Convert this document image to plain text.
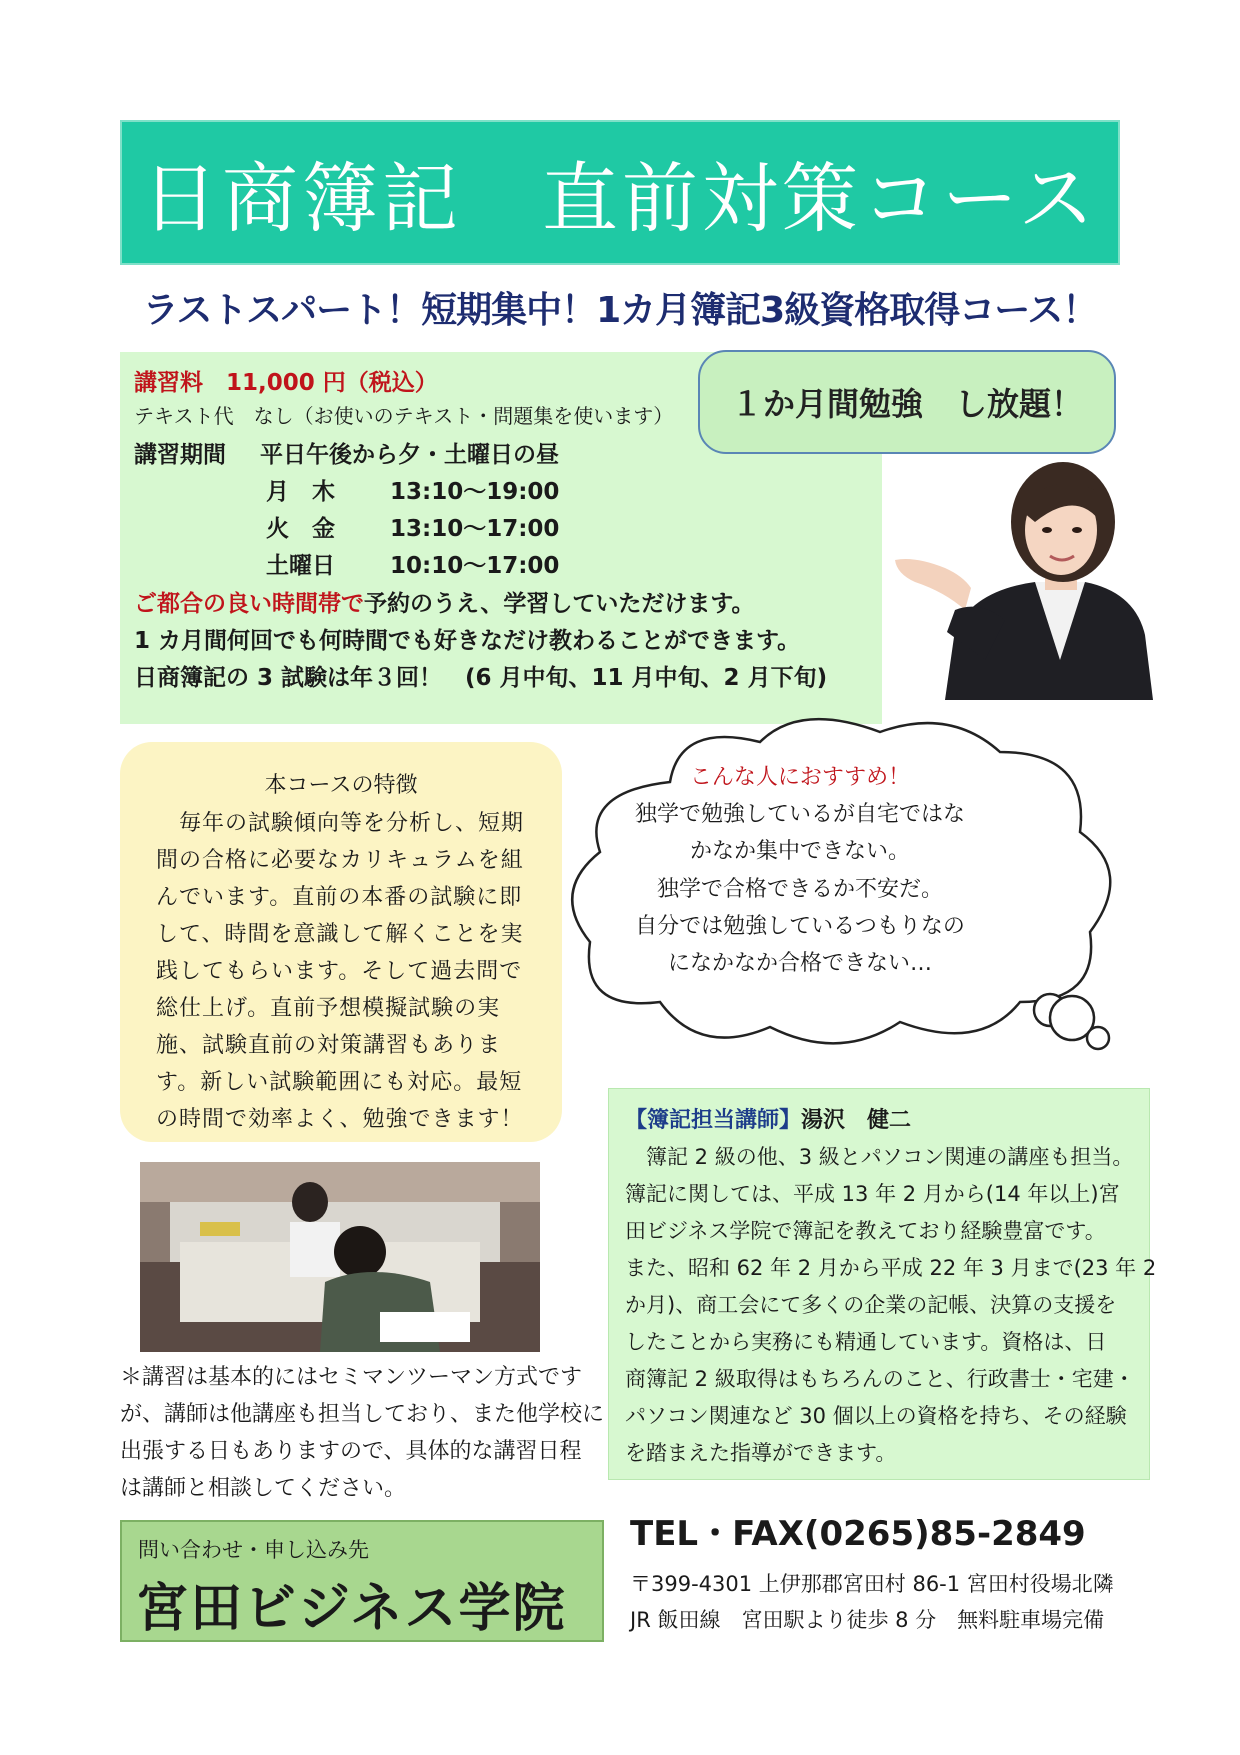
日商簿記　直前対策コース
ラストスパート！短期集中！1カ月簿記3級資格取得コース！
講習料　11,000 円（税込）
テキスト代　なし（お使いのテキスト・問題集を使います）
講習期間 平日午後から夕・土曜日の昼
月　木 13:10～19:00
火　金 13:10～17:00
土曜日 10:10～17:00
ご都合の良い時間帯で予約のうえ、学習していただけます。
1 カ月間何回でも何時間でも好きなだけ教わることができます。
日商簿記の 3 試験は年３回！　(6 月中旬、11 月中旬、2 月下旬)
１か月間勉強　し放題！
本コースの特徴
　毎年の試験傾向等を分析し、短期
間の合格に必要なカリキュラムを組
んでいます。直前の本番の試験に即
して、時間を意識して解くことを実
践してもらいます。そして過去問で
総仕上げ。直前予想模擬試験の実
施、試験直前の対策講習もありま
す。新しい試験範囲にも対応。最短
の時間で効率よく、勉強できます！
こんな人におすすめ！
独学で勉強しているが自宅ではな
かなか集中できない。
独学で合格できるか不安だ。
自分では勉強しているつもりなの
になかなか合格できない…
＊講習は基本的にはセミマンツーマン方式です
が、講師は他講座も担当しており、また他学校に
出張する日もありますので、具体的な講習日程
は講師と相談してください。
【簿記担当講師】湯沢　健二
　簿記 2 級の他、3 級とパソコン関連の講座も担当。
簿記に関しては、平成 13 年 2 月から(14 年以上)宮
田ビジネス学院で簿記を教えており経験豊富です。
また、昭和 62 年 2 月から平成 22 年 3 月まで(23 年 2
か月)、商工会にて多くの企業の記帳、決算の支援を
したことから実務にも精通しています。資格は、日
商簿記 2 級取得はもちろんのこと、行政書士・宅建・
パソコン関連など 30 個以上の資格を持ち、その経験
を踏まえた指導ができます。
問い合わせ・申し込み先
宮田ビジネス学院
TEL・FAX(0265)85-2849
〒399-4301 上伊那郡宮田村 86-1 宮田村役場北隣
JR 飯田線　宮田駅より徒歩 8 分　無料駐車場完備
